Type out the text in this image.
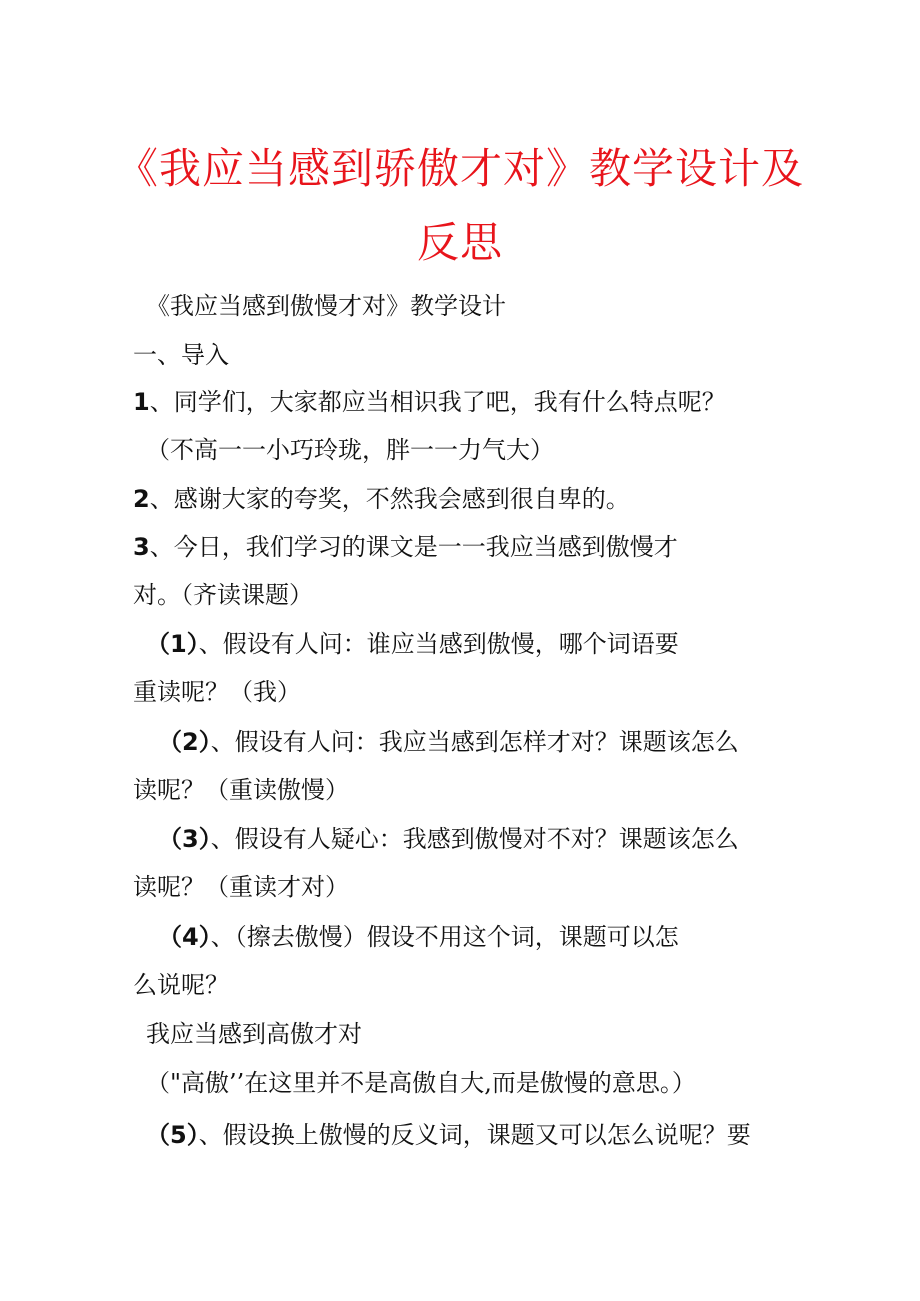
《我应当感到骄傲才对》教学设计及
反思
《我应当感到傲慢才对》教学设计
一、导入
1、同学们，大家都应当相识我了吧，我有什么特点呢？
（不高一一小巧玲珑，胖一一力气大）
2、感谢大家的夸奖，不然我会感到很自卑的。
3、今日，我们学习的课文是一一我应当感到傲慢才
对。（齐读课题）
（1）、假设有人问：谁应当感到傲慢，哪个词语要
重读呢？（我）
（2）、假设有人问：我应当感到怎样才对？课题该怎么
读呢？（重读傲慢）
（3）、假设有人疑心：我感到傲慢对不对？课题该怎么
读呢？（重读才对）
（4）、（擦去傲慢）假设不用这个词，课题可以怎
么说呢？
我应当感到高傲才对
（"高傲’’在这里并不是高傲自大,而是傲慢的意思。）
（5）、假设换上傲慢的反义词，课题又可以怎么说呢？要
